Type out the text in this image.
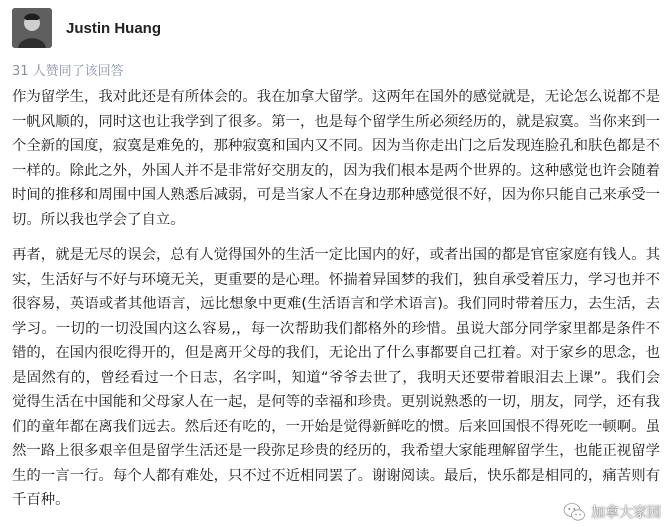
Justin Huang
31 人赞同了该回答

作为留学生，我对此还是有所体会的。我在加拿大留学。这两年在国外的感觉就是，无论怎么说都不是一帆风顺的，同时这也让我学到了很多。第一，也是每个留学生所必须经历的，就是寂寞。当你来到一个全新的国度，寂寞是难免的，那种寂寞和国内又不同。因为当你走出门之后发现连脸孔和肤色都是不一样的。除此之外，外国人并不是非常好交朋友的，因为我们根本是两个世界的。这种感觉也许会随着时间的推移和周围中国人熟悉后减弱，可是当家人不在身边那种感觉很不好，因为你只能自己来承受一切。所以我也学会了自立。

再者，就是无尽的误会，总有人觉得国外的生活一定比国内的好，或者出国的都是官宦家庭有钱人。其实，生活好与不好与环境无关，更重要的是心理。怀揣着异国梦的我们，独自承受着压力，学习也并不很容易，英语或者其他语言，远比想象中更难(生活语言和学术语言)。我们同时带着压力，去生活，去学习。一切的一切没国内这么容易,，每一次帮助我们都格外的珍惜。虽说大部分同学家里都是条件不错的，在国内很吃得开的，但是离开父母的我们，无论出了什么事都要自己扛着。对于家乡的思念，也是固然有的，曾经看过一个日志，名字叫，知道“爷爷去世了，我明天还要带着眼泪去上课”。我们会觉得生活在中国能和父母家人在一起，是何等的幸福和珍贵。更别说熟悉的一切，朋友，同学，还有我们的童年都在离我们远去。然后还有吃的，一开始是觉得新鲜吃的惯。后来回国恨不得死吃一顿啊。虽然一路上很多艰辛但是留学生活还是一段弥足珍贵的经历的，我希望大家能理解留学生，也能正视留学生的一言一行。每个人都有难处，只不过不近相同罢了。谢谢阅读。最后，快乐都是相同的，痛苦则有千百种。

加拿大家园
